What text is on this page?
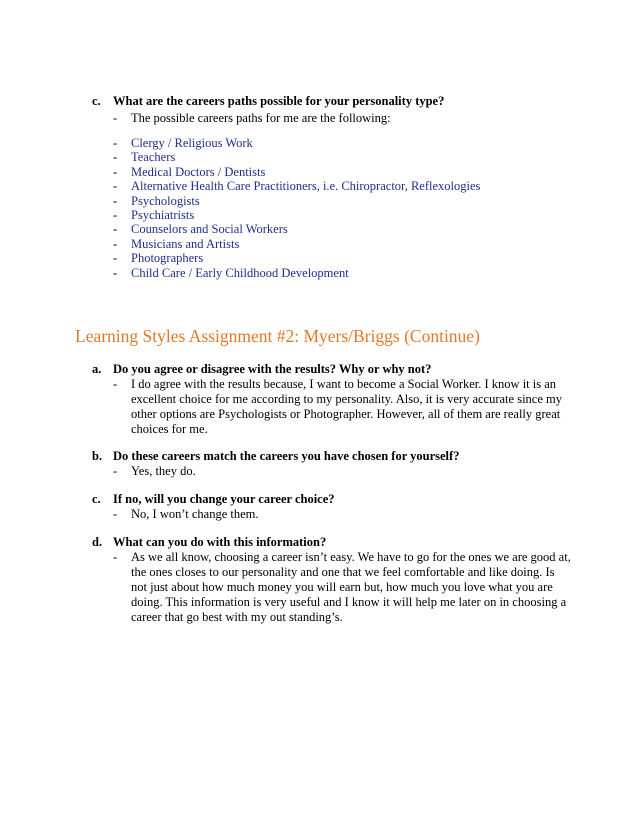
c. What are the careers paths possible for your personality type?
-	The possible careers paths for me are the following:
-	Clergy / Religious Work
-	Teachers
-	Medical Doctors / Dentists
-	Alternative Health Care Practitioners, i.e. Chiropractor, Reflexologies
-	Psychologists
-	Psychiatrists
-	Counselors and Social Workers
-	Musicians and Artists
-	Photographers
-	Child Care / Early Childhood Development
Learning Styles Assignment #2: Myers/Briggs (Continue)
a. Do you agree or disagree with the results? Why or why not?
-	I do agree with the results because, I want to become a Social Worker. I know it is an excellent choice for me according to my personality. Also, it is very accurate since my other options are Psychologists or Photographer. However, all of them are really great choices for me.
b. Do these careers match the careers you have chosen for yourself?
-	Yes, they do.
c. If no, will you change your career choice?
-	No, I won’t change them.
d. What can you do with this information?
-	As we all know, choosing a career isn’t easy. We have to go for the ones we are good at, the ones closes to our personality and one that we feel comfortable and like doing. Is not just about how much money you will earn but, how much you love what you are doing. This information is very useful and I know it will help me later on in choosing a career that go best with my out standing’s.
